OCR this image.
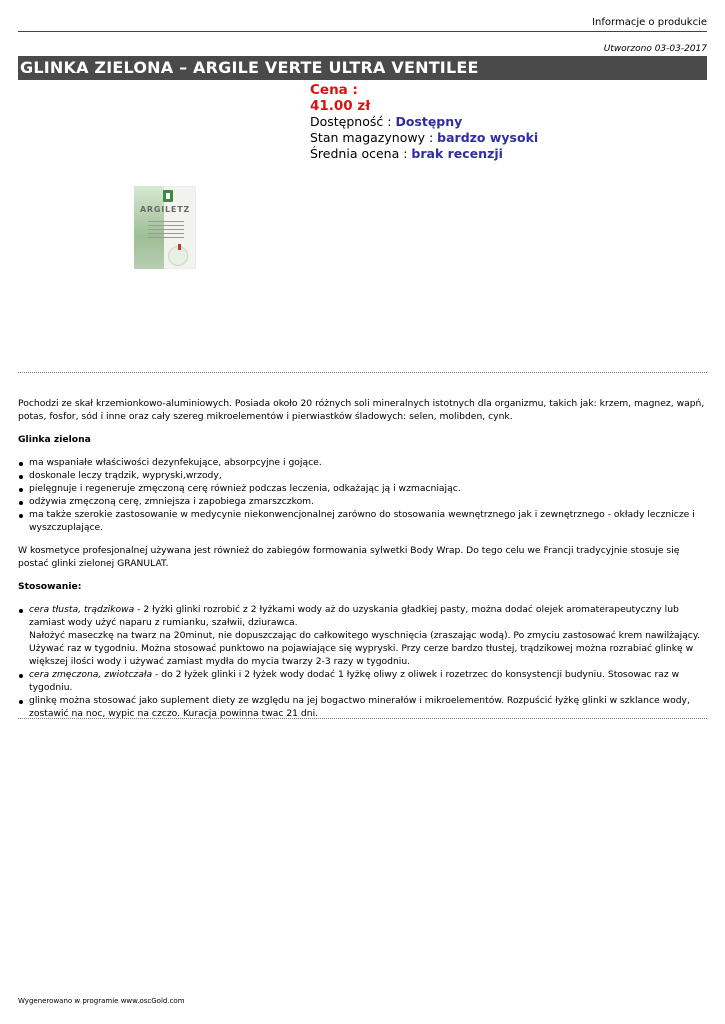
Informacje o produkcie
Utworzono 03-03-2017
GLINKA ZIELONA – ARGILE VERTE ULTRA VENTILEE
Cena :
41.00 zł
Dostępność : Dostępny
Stan magazynowy : bardzo wysoki
Średnia ocena : brak recenzji
ARGILETZ

Pochodzi ze skał krzemionkowo-aluminiowych. Posiada około 20 różnych soli mineralnych istotnych dla organizmu, takich jak: krzem, magnez, wapń, potas, fosfor, sód i inne oraz cały szereg mikroelementów i pierwiastków śladowych: selen, molibden, cynk.

Glinka zielona
ma wspaniałe właściwości dezynfekujące, absorpcyjne i gojące.
doskonale leczy trądzik, wypryski,wrzody,
pielęgnuje i regeneruje zmęczoną cerę również podczas leczenia, odkażając ją i wzmacniając.
odżywia zmęczoną cerę, zmniejsza i zapobiega zmarszczkom.
ma także szerokie zastosowanie w medycynie niekonwencjonalnej zarówno do stosowania wewnętrznego jak i zewnętrznego - okłady lecznicze i wyszczuplające.

W kosmetyce profesjonalnej używana jest również do zabiegów formowania sylwetki Body Wrap. Do tego celu we Francji tradycyjnie stosuje się postać glinki zielonej GRANULAT.

Stosowanie:
cera tłusta, trądzikowa - 2 łyżki glinki rozrobić z 2 łyżkami wody aż do uzyskania gładkiej pasty, można dodać olejek aromaterapeutyczny lub zamiast wody użyć naparu z rumianku, szałwii, dziurawca.
Nałożyć maseczkę na twarz na 20minut, nie dopuszczając do całkowitego wyschnięcia (zraszając wodą). Po zmyciu zastosować krem nawilżający. Używać raz w tygodniu. Można stosować punktowo na pojawiające się wypryski. Przy cerze bardzo tłustej, trądzikowej można rozrabiać glinkę w większej ilości wody i używać zamiast mydła do mycia twarzy 2-3 razy w tygodniu.
cera zmęczona, zwiotczała - do 2 łyżek glinki i 2 łyżek wody dodać 1 łyżkę oliwy z oliwek i rozetrzec do konsystencji budyniu. Stosowac raz w tygodniu.
glinkę można stosować jako suplement diety ze względu na jej bogactwo minerałów i mikroelementów. Rozpuścić łyżkę glinki w szklance wody, zostawić na noc, wypic na czczo. Kuracja powinna twac 21 dni.
Wygenerowano w programie www.oscGold.com
